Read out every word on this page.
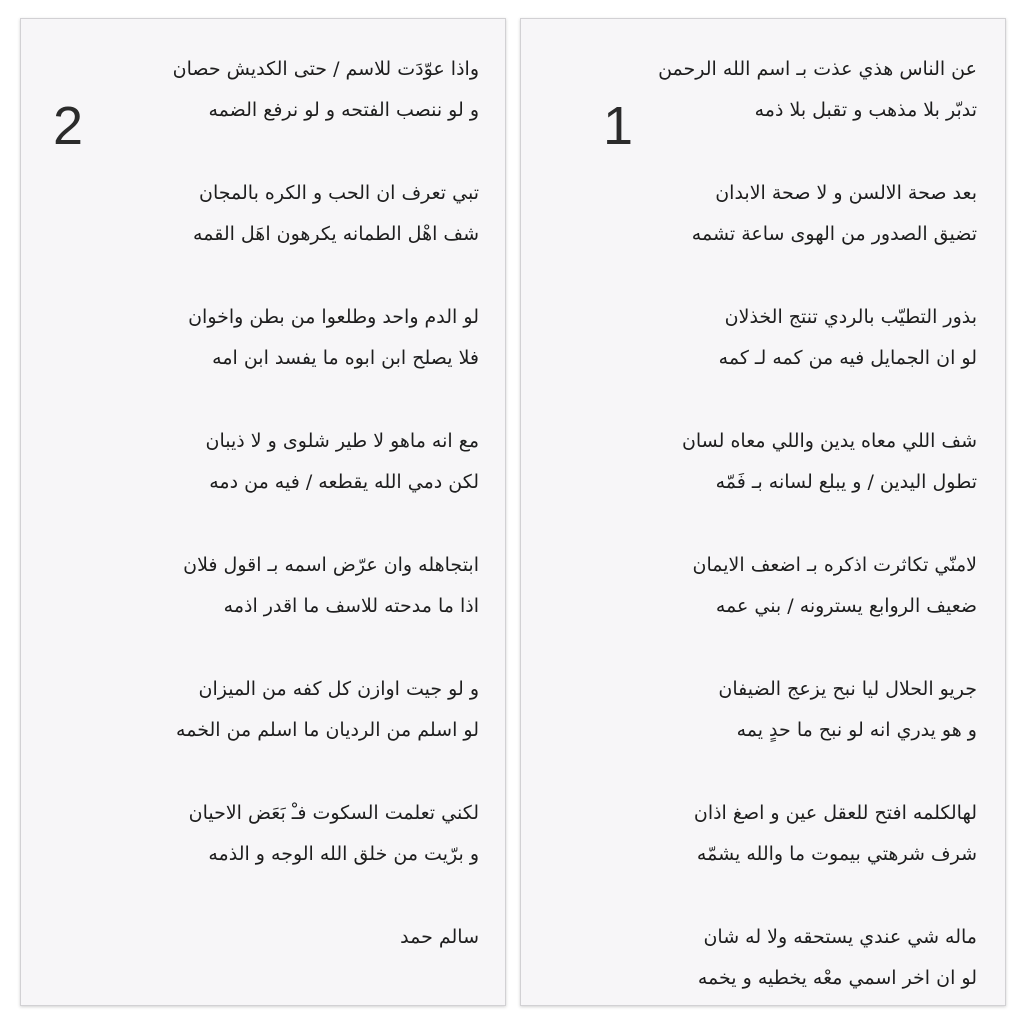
2
واذا عوّدَت للاسم / حتى الكديش حصان
و لو ننصب الفتحه و لو نرفع الضمه
تبي تعرف ان الحب و الكره بالمجان
شف اهْل الطمانه يكرهون اهَل القمه
لو الدم واحد وطلعوا من بطن واخوان
فلا يصلح ابن ابوه ما يفسد ابن امه
مع انه ماهو لا طير شلوى و لا ذيبان
لكن دمي الله يقطعه / فيه من دمه
ابتجاهله وان عرّض اسمه بـ اقول فلان
اذا ما مدحته للاسف ما اقدر اذمه
و لو جيت اوازن كل كفه من الميزان
لو اسلم من الرديان ما اسلم من الخمه
لكني تعلمت السكوت فـْ بَعَض الاحيان
و برّيت من خلق الله الوجه و الذمه
سالم حمد
1
عن الناس هذي عذت بـ اسم الله الرحمن
تدبّر بلا مذهب و تقبل بلا ذمه
بعد صحة الالسن و لا صحة الابدان
تضيق الصدور من الهوى ساعة تشمه
بذور التطيّب بالردي تنتج الخذلان
لو ان الجمايل فيه من كمه لـ كمه
شف اللي معاه يدين واللي معاه لسان
تطول اليدين / و يبلع لسانه بـ فَمّه
لامنّي تكاثرت اذكره بـ اضعف الايمان
ضعيف الروابع يسترونه / بني عمه
جريو الحلال ليا نبح يزعج الضيفان
و هو يدري انه لو نبح ما حدٍ يمه
لهالكلمه افتح للعقل عين و اصغ اذان
شرف شرهتي بيموت ما والله يشمّه
ماله شي عندي يستحقه ولا له شان
لو ان اخر اسمي معْه يخطيه و يخمه
